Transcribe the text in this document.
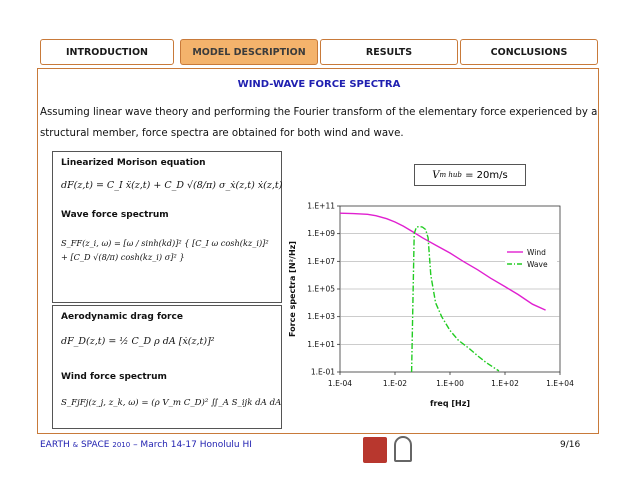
INTRODUCTION	MODEL DESCRIPTION	RESULTS	CONCLUSIONS
WIND-WAVE FORCE SPECTRA
Assuming linear wave theory and performing the Fourier transform of the elementary force experienced by a structural member, force spectra are obtained for both wind and wave.
Linearized Morison equation
dF(z,t) = C_I ẍ(z,t) + C_D √(8/π) σ_ẋ(z,t) ẋ(z,t)
Wave force spectrum
S_FF(z_i, ω) = [ω / sinh(kd)]² { [C_I ω cosh(kz_i)]² + [C_D √(8/π) cosh(kz_i) σ]² }
Aerodynamic drag force
dF_D(z,t) = ½ C_D ρ dA [ẋ(z,t)]²
Wind force spectrum
S_FjFj(z_j, z_k, ω) = (ρ V_m C_D)² ∬_A S_ijk dA dA
V m hub
= 20m/s
1.E-01
1.E+01
1.E+03
1.E+05
1.E+07
1.E+09
1.E+11
1.E-04	1.E-02	1.E+00	1.E+02	1.E+04
Force spectra [N²/Hz]
freq [Hz]
Wind
Wave
EARTH & SPACE 2010 – March 14-17 Honolulu HI	9/16
